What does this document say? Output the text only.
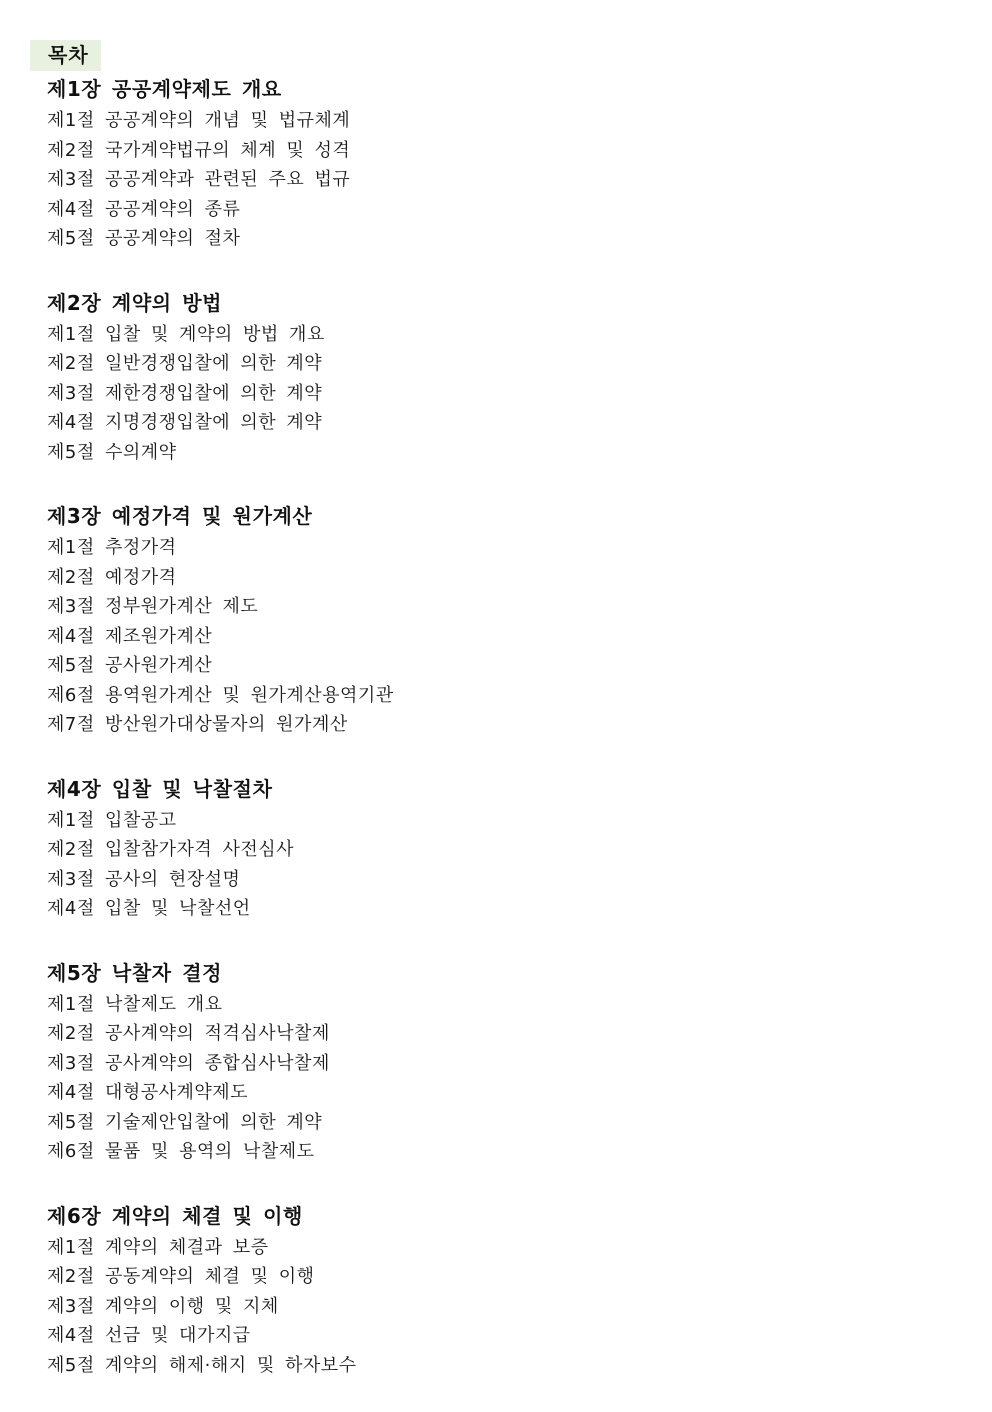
목차
제1장 공공계약제도 개요
제1절 공공계약의 개념 및 법규체계
제2절 국가계약법규의 체계 및 성격
제3절 공공계약과 관련된 주요 법규
제4절 공공계약의 종류
제5절 공공계약의 절차
제2장 계약의 방법
제1절 입찰 및 계약의 방법 개요
제2절 일반경쟁입찰에 의한 계약
제3절 제한경쟁입찰에 의한 계약
제4절 지명경쟁입찰에 의한 계약
제5절 수의계약
제3장 예정가격 및 원가계산
제1절 추정가격
제2절 예정가격
제3절 정부원가계산 제도
제4절 제조원가계산
제5절 공사원가계산
제6절 용역원가계산 및 원가계산용역기관
제7절 방산원가대상물자의 원가계산
제4장 입찰 및 낙찰절차
제1절 입찰공고
제2절 입찰참가자격 사전심사
제3절 공사의 현장설명
제4절 입찰 및 낙찰선언
제5장 낙찰자 결정
제1절 낙찰제도 개요
제2절 공사계약의 적격심사낙찰제
제3절 공사계약의 종합심사낙찰제
제4절 대형공사계약제도
제5절 기술제안입찰에 의한 계약
제6절 물품 및 용역의 낙찰제도
제6장 계약의 체결 및 이행
제1절 계약의 체결과 보증
제2절 공동계약의 체결 및 이행
제3절 계약의 이행 및 지체
제4절 선금 및 대가지급
제5절 계약의 해제·해지 및 하자보수
